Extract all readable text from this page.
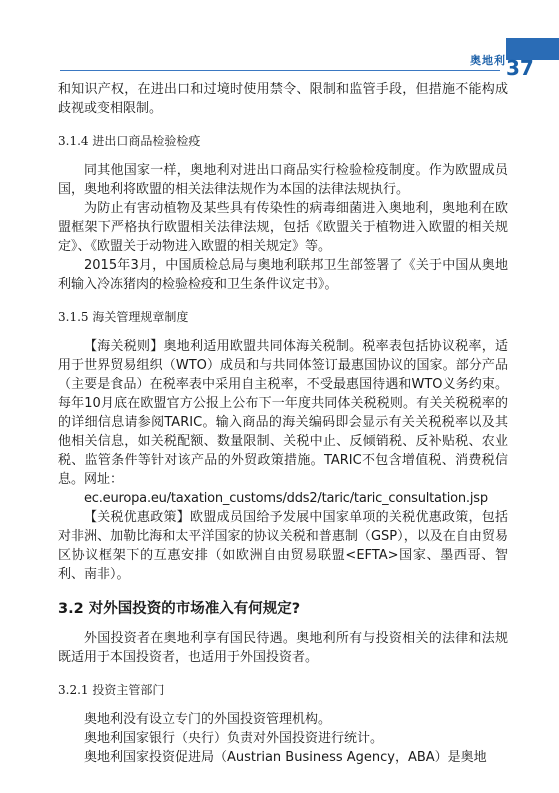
奥地利 37

和知识产权，在进出口和过境时使用禁令、限制和监管手段，但措施不能构成歧视或变相限制。

3.1.4 进出口商品检验检疫

同其他国家一样，奥地利对进出口商品实行检验检疫制度。作为欧盟成员国，奥地利将欧盟的相关法律法规作为本国的法律法规执行。

为防止有害动植物及某些具有传染性的病毒细菌进入奥地利，奥地利在欧盟框架下严格执行欧盟相关法律法规，包括《欧盟关于植物进入欧盟的相关规定》、《欧盟关于动物进入欧盟的相关规定》等。

2015年3月，中国质检总局与奥地利联邦卫生部签署了《关于中国从奥地利输入冷冻猪肉的检验检疫和卫生条件议定书》。

3.1.5 海关管理规章制度

【海关税则】奥地利适用欧盟共同体海关税制。税率表包括协议税率，适用于世界贸易组织（WTO）成员和与共同体签订最惠国协议的国家。部分产品（主要是食品）在税率表中采用自主税率，不受最惠国待遇和WTO义务约束。每年10月底在欧盟官方公报上公布下一年度共同体关税税则。有关关税税率的的详细信息请参阅TARIC。输入商品的海关编码即会显示有关关税税率以及其他相关信息，如关税配额、数量限制、关税中止、反倾销税、反补贴税、农业税、监管条件等针对该产品的外贸政策措施。TARIC不包含增值税、消费税信息。网址：

ec.europa.eu/taxation_customs/dds2/taric/taric_consultation.jsp

【关税优惠政策】欧盟成员国给予发展中国家单项的关税优惠政策，包括对非洲、加勒比海和太平洋国家的协议关税和普惠制（GSP），以及在自由贸易区协议框架下的互惠安排（如欧洲自由贸易联盟<EFTA>国家、墨西哥、智利、南非）。

3.2 对外国投资的市场准入有何规定?

外国投资者在奥地利享有国民待遇。奥地利所有与投资相关的法律和法规既适用于本国投资者，也适用于外国投资者。

3.2.1 投资主管部门

奥地利没有设立专门的外国投资管理机构。

奥地利国家银行（央行）负责对外国投资进行统计。

奥地利国家投资促进局（Austrian Business Agency，ABA）是奥地
